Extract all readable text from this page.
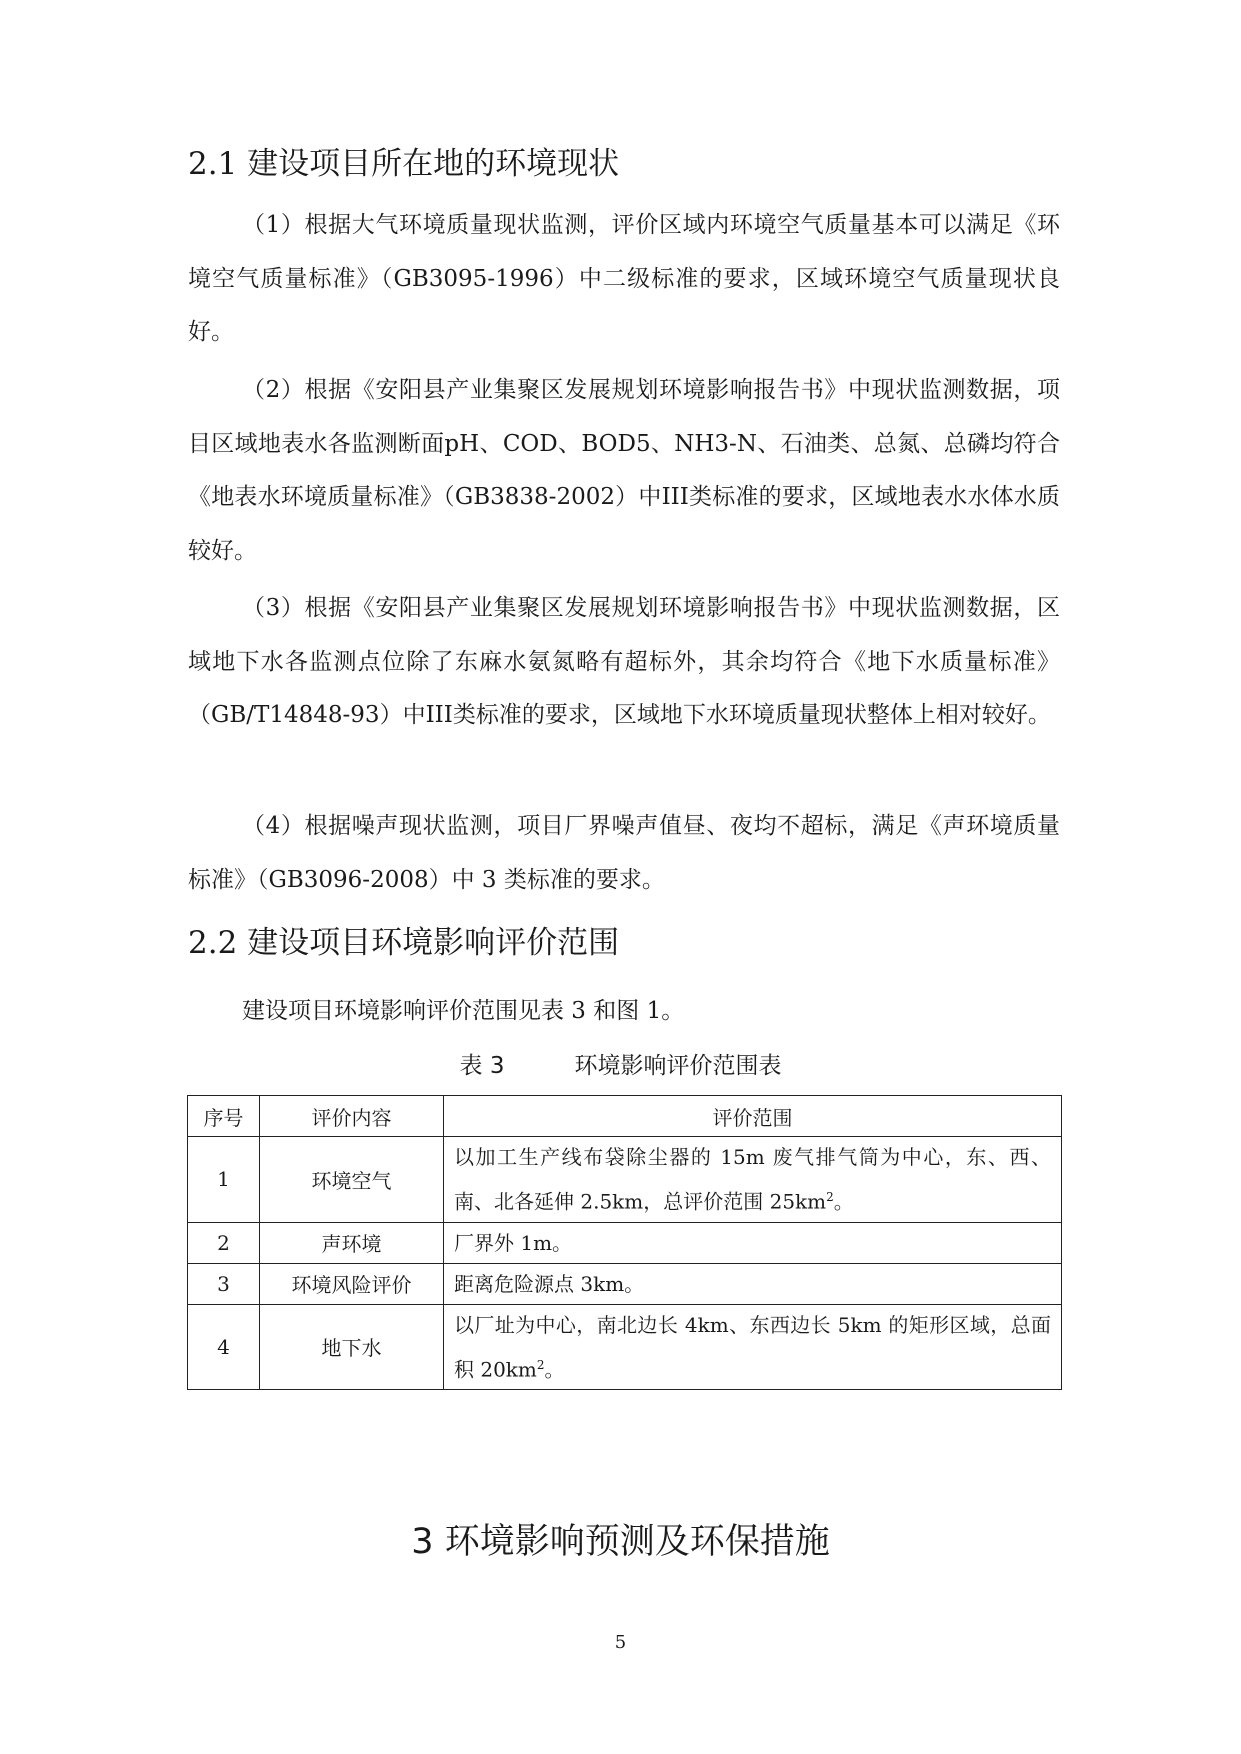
2.1 建设项目所在地的环境现状

（1）根据大气环境质量现状监测，评价区域内环境空气质量基本可以满足《环境空气质量标准》（GB3095-1996）中二级标准的要求，区域环境空气质量现状良好。

（2）根据《安阳县产业集聚区发展规划环境影响报告书》中现状监测数据，项目区域地表水各监测断面pH、COD、BOD5、NH3-N、石油类、总氮、总磷均符合《地表水环境质量标准》（GB3838-2002）中III类标准的要求，区域地表水水体水质较好。

（3）根据《安阳县产业集聚区发展规划环境影响报告书》中现状监测数据，区域地下水各监测点位除了东麻水氨氮略有超标外，其余均符合《地下水质量标准》（GB/T14848-93）中III类标准的要求，区域地下水环境质量现状整体上相对较好。

（4）根据噪声现状监测，项目厂界噪声值昼、夜均不超标，满足《声环境质量标准》（GB3096-2008）中 3 类标准的要求。

2.2 建设项目环境影响评价范围

建设项目环境影响评价范围见表 3 和图 1。

表 3	环境影响评价范围表
序号	评价内容	评价范围
1	环境空气	以加工生产线布袋除尘器的 15m 废气排气筒为中心，东、西、南、北各延伸 2.5km，总评价范围 $25km^2$。
2	声环境	厂界外 1m。
3	环境风险评价	距离危险源点 3km。
4	地下水	以厂址为中心，南北边长 4km、东西边长 5km 的矩形区域，总面积 $20km^2$。
3 环境影响预测及环保措施
5
